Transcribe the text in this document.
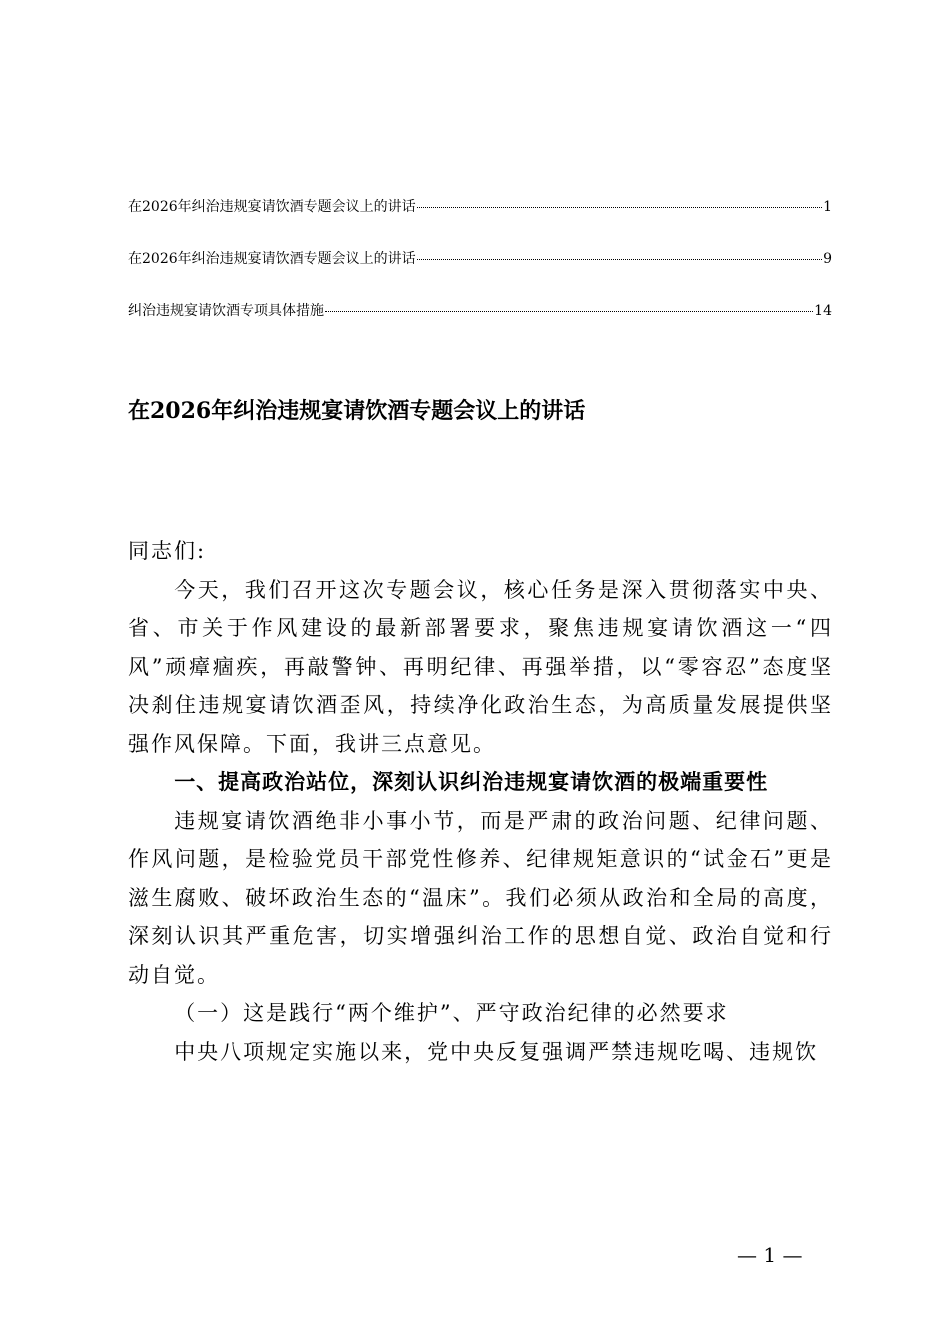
在2026年纠治违规宴请饮酒专题会议上的讲话	1
在2026年纠治违规宴请饮酒专题会议上的讲话	9
纠治违规宴请饮酒专项具体措施	14
在2026年纠治违规宴请饮酒专题会议上的讲话

同志们:

今天，我们召开这次专题会议，核心任务是深入贯彻落实中央、省、市关于作风建设的最新部署要求，聚焦违规宴请饮酒这一“四风”顽瘴痼疾，再敲警钟、再明纪律、再强举措，以“零容忍”态度坚决刹住违规宴请饮酒歪风，持续净化政治生态，为高质量发展提供坚强作风保障。下面，我讲三点意见。

一、提高政治站位，深刻认识纠治违规宴请饮酒的极端重要性

违规宴请饮酒绝非小事小节，而是严肃的政治问题、纪律问题、作风问题，是检验党员干部党性修养、纪律规矩意识的“试金石”更是滋生腐败、破坏政治生态的“温床”。我们必须从政治和全局的高度，深刻认识其严重危害，切实增强纠治工作的思想自觉、政治自觉和行动自觉。

（一）这是践行“两个维护”、严守政治纪律的必然要求

中央八项规定实施以来，党中央反复强调严禁违规吃喝、违规饮

— 1 —
